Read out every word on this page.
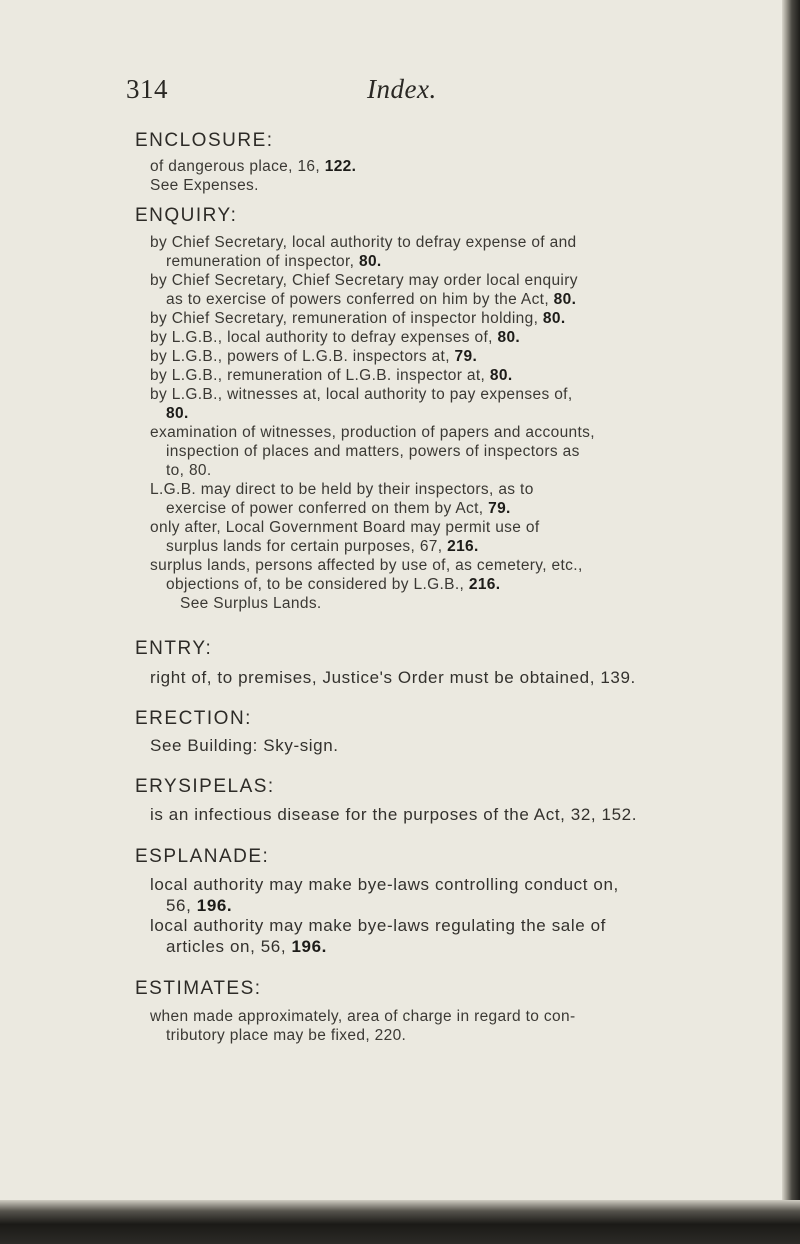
314	Index.
ENCLOSURE:
of dangerous place, 16, 122.
See Expenses.
ENQUIRY:
by Chief Secretary, local authority to defray expense of and
remuneration of inspector, 80.
by Chief Secretary, Chief Secretary may order local enquiry
as to exercise of powers conferred on him by the Act, 80.
by Chief Secretary, remuneration of inspector holding, 80.
by L.G.B., local authority to defray expenses of, 80.
by L.G.B., powers of L.G.B. inspectors at, 79.
by L.G.B., remuneration of L.G.B. inspector at, 80.
by L.G.B., witnesses at, local authority to pay expenses of,
80.
examination of witnesses, production of papers and accounts,
inspection of places and matters, powers of inspectors as
to, 80.
L.G.B. may direct to be held by their inspectors, as to
exercise of power conferred on them by Act, 79.
only after, Local Government Board may permit use of
surplus lands for certain purposes, 67, 216.
surplus lands, persons affected by use of, as cemetery, etc.,
objections of, to be considered by L.G.B., 216.
See Surplus Lands.
ENTRY:
right of, to premises, Justice's Order must be obtained, 139.
ERECTION:
See Building: Sky-sign.
ERYSIPELAS:
is an infectious disease for the purposes of the Act, 32, 152.
ESPLANADE:
local authority may make bye-laws controlling conduct on,
56, 196.
local authority may make bye-laws regulating the sale of
articles on, 56, 196.
ESTIMATES:
when made approximately, area of charge in regard to con-
tributory place may be fixed, 220.
